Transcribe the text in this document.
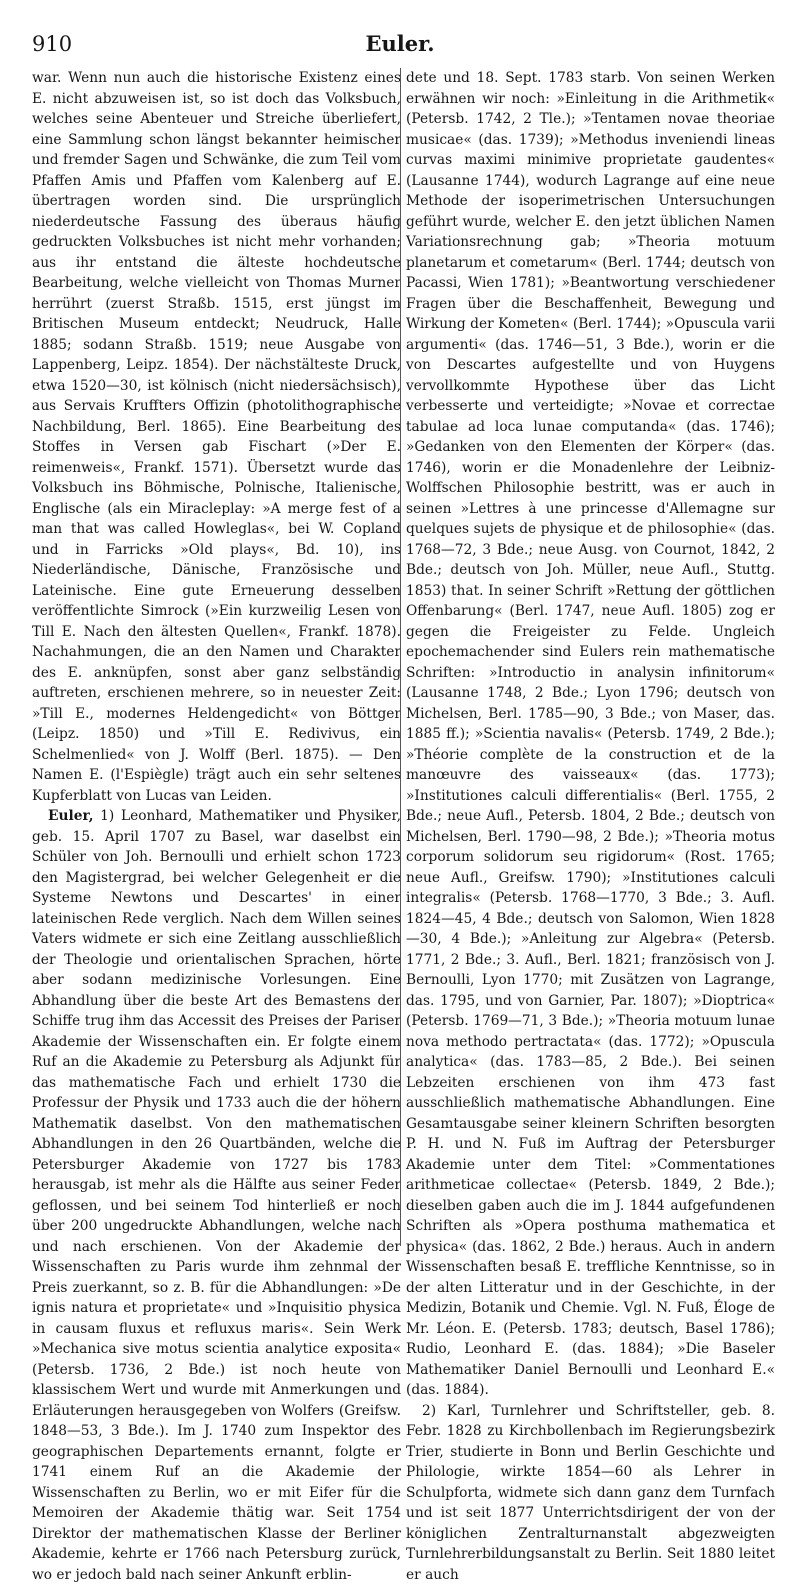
910	Euler.

war. Wenn nun auch die historische Existenz eines E. nicht abzuweisen ist, so ist doch das Volksbuch, welches seine Abenteuer und Streiche überliefert, eine Sammlung schon längst bekannter heimischer und fremder Sagen und Schwänke, die zum Teil vom Pfaffen Amis und Pfaffen vom Kalenberg auf E. übertragen worden sind. Die ursprünglich niederdeutsche Fassung des überaus häufig gedruckten Volksbuches ist nicht mehr vorhanden; aus ihr entstand die älteste hochdeutsche Bearbeitung, welche vielleicht von Thomas Murner herrührt (zuerst Straßb. 1515, erst jüngst im Britischen Museum entdeckt; Neudruck, Halle 1885; sodann Straßb. 1519; neue Ausgabe von Lappenberg, Leipz. 1854). Der nächstälteste Druck, etwa 1520—30, ist kölnisch (nicht niedersächsisch), aus Servais Kruffters Offizin (photolithographische Nachbildung, Berl. 1865). Eine Bearbeitung des Stoffes in Versen gab Fischart (»Der E. reimenweis«, Frankf. 1571). Übersetzt wurde das Volksbuch ins Böhmische, Polnische, Italienische, Englische (als ein Miracleplay: »A merge fest of a man that was called Howleglas«, bei W. Copland und in Farricks »Old plays«, Bd. 10), ins Niederländische, Dänische, Französische und Lateinische. Eine gute Erneuerung desselben veröffentlichte Simrock (»Ein kurzweilig Lesen von Till E. Nach den ältesten Quellen«, Frankf. 1878). Nachahmungen, die an den Namen und Charakter des E. anknüpfen, sonst aber ganz selbständig auftreten, erschienen mehrere, so in neuester Zeit: »Till E., modernes Heldengedicht« von Böttger (Leipz. 1850) und »Till E. Redivivus, ein Schelmenlied« von J. Wolff (Berl. 1875). — Den Namen E. (l'Espiègle) trägt auch ein sehr seltenes Kupferblatt von Lucas van Leiden.

Euler, 1) Leonhard, Mathematiker und Physiker, geb. 15. April 1707 zu Basel, war daselbst ein Schüler von Joh. Bernoulli und erhielt schon 1723 den Magistergrad, bei welcher Gelegenheit er die Systeme Newtons und Descartes' in einer lateinischen Rede verglich. Nach dem Willen seines Vaters widmete er sich eine Zeitlang ausschließlich der Theologie und orientalischen Sprachen, hörte aber sodann medizinische Vorlesungen. Eine Abhandlung über die beste Art des Bemastens der Schiffe trug ihm das Accessit des Preises der Pariser Akademie der Wissenschaften ein. Er folgte einem Ruf an die Akademie zu Petersburg als Adjunkt für das mathematische Fach und erhielt 1730 die Professur der Physik und 1733 auch die der höhern Mathematik daselbst. Von den mathematischen Abhandlungen in den 26 Quartbänden, welche die Petersburger Akademie von 1727 bis 1783 herausgab, ist mehr als die Hälfte aus seiner Feder geflossen, und bei seinem Tod hinterließ er noch über 200 ungedruckte Abhandlungen, welche nach und nach erschienen. Von der Akademie der Wissenschaften zu Paris wurde ihm zehnmal der Preis zuerkannt, so z. B. für die Abhandlungen: »De ignis natura et proprietate« und »Inquisitio physica in causam fluxus et refluxus maris«. Sein Werk »Mechanica sive motus scientia analytice exposita« (Petersb. 1736, 2 Bde.) ist noch heute von klassischem Wert und wurde mit Anmerkungen und Erläuterungen herausgegeben von Wolfers (Greifsw. 1848—53, 3 Bde.). Im J. 1740 zum Inspektor des geographischen Departements ernannt, folgte er 1741 einem Ruf an die Akademie der Wissenschaften zu Berlin, wo er mit Eifer für die Memoiren der Akademie thätig war. Seit 1754 Direktor der mathematischen Klasse der Berliner Akademie, kehrte er 1766 nach Petersburg zurück, wo er jedoch bald nach seiner Ankunft erblin-

dete und 18. Sept. 1783 starb. Von seinen Werken erwähnen wir noch: »Einleitung in die Arithmetik« (Petersb. 1742, 2 Tle.); »Tentamen novae theoriae musicae« (das. 1739); »Methodus inveniendi lineas curvas maximi minimive proprietate gaudentes« (Lausanne 1744), wodurch Lagrange auf eine neue Methode der isoperimetrischen Untersuchungen geführt wurde, welcher E. den jetzt üblichen Namen Variationsrechnung gab; »Theoria motuum planetarum et cometarum« (Berl. 1744; deutsch von Pacassi, Wien 1781); »Beantwortung verschiedener Fragen über die Beschaffenheit, Bewegung und Wirkung der Kometen« (Berl. 1744); »Opuscula varii argumenti« (das. 1746—51, 3 Bde.), worin er die von Descartes aufgestellte und von Huygens vervollkommte Hypothese über das Licht verbesserte und verteidigte; »Novae et correctae tabulae ad loca lunae computanda« (das. 1746); »Gedanken von den Elementen der Körper« (das. 1746), worin er die Monadenlehre der Leibniz-Wolffschen Philosophie bestritt, was er auch in seinen »Lettres à une princesse d'Allemagne sur quelques sujets de physique et de philosophie« (das. 1768—72, 3 Bde.; neue Ausg. von Cournot, 1842, 2 Bde.; deutsch von Joh. Müller, neue Aufl., Stuttg. 1853) that. In seiner Schrift »Rettung der göttlichen Offenbarung« (Berl. 1747, neue Aufl. 1805) zog er gegen die Freigeister zu Felde. Ungleich epochemachender sind Eulers rein mathematische Schriften: »Introductio in analysin infinitorum« (Lausanne 1748, 2 Bde.; Lyon 1796; deutsch von Michelsen, Berl. 1785—90, 3 Bde.; von Maser, das. 1885 ff.); »Scientia navalis« (Petersb. 1749, 2 Bde.); »Théorie complète de la construction et de la manœuvre des vaisseaux« (das. 1773); »Institutiones calculi differentialis« (Berl. 1755, 2 Bde.; neue Aufl., Petersb. 1804, 2 Bde.; deutsch von Michelsen, Berl. 1790—98, 2 Bde.); »Theoria motus corporum solidorum seu rigidorum« (Rost. 1765; neue Aufl., Greifsw. 1790); »Institutiones calculi integralis« (Petersb. 1768—1770, 3 Bde.; 3. Aufl. 1824—45, 4 Bde.; deutsch von Salomon, Wien 1828—30, 4 Bde.); »Anleitung zur Algebra« (Petersb. 1771, 2 Bde.; 3. Aufl., Berl. 1821; französisch von J. Bernoulli, Lyon 1770; mit Zusätzen von Lagrange, das. 1795, und von Garnier, Par. 1807); »Dioptrica« (Petersb. 1769—71, 3 Bde.); »Theoria motuum lunae nova methodo pertractata« (das. 1772); »Opuscula analytica« (das. 1783—85, 2 Bde.). Bei seinen Lebzeiten erschienen von ihm 473 fast ausschließlich mathematische Abhandlungen. Eine Gesamtausgabe seiner kleinern Schriften besorgten P. H. und N. Fuß im Auftrag der Petersburger Akademie unter dem Titel: »Commentationes arithmeticae collectae« (Petersb. 1849, 2 Bde.); dieselben gaben auch die im J. 1844 aufgefundenen Schriften als »Opera posthuma mathematica et physica« (das. 1862, 2 Bde.) heraus. Auch in andern Wissenschaften besaß E. treffliche Kenntnisse, so in der alten Litteratur und in der Geschichte, in der Medizin, Botanik und Chemie. Vgl. N. Fuß, Éloge de Mr. Léon. E. (Petersb. 1783; deutsch, Basel 1786); Rudio, Leonhard E. (das. 1884); »Die Baseler Mathematiker Daniel Bernoulli und Leonhard E.« (das. 1884).

2) Karl, Turnlehrer und Schriftsteller, geb. 8. Febr. 1828 zu Kirchbollenbach im Regierungsbezirk Trier, studierte in Bonn und Berlin Geschichte und Philologie, wirkte 1854—60 als Lehrer in Schulpforta, widmete sich dann ganz dem Turnfach und ist seit 1877 Unterrichtsdirigent der von der königlichen Zentralturnanstalt abgezweigten Turnlehrerbildungsanstalt zu Berlin. Seit 1880 leitet er auch
